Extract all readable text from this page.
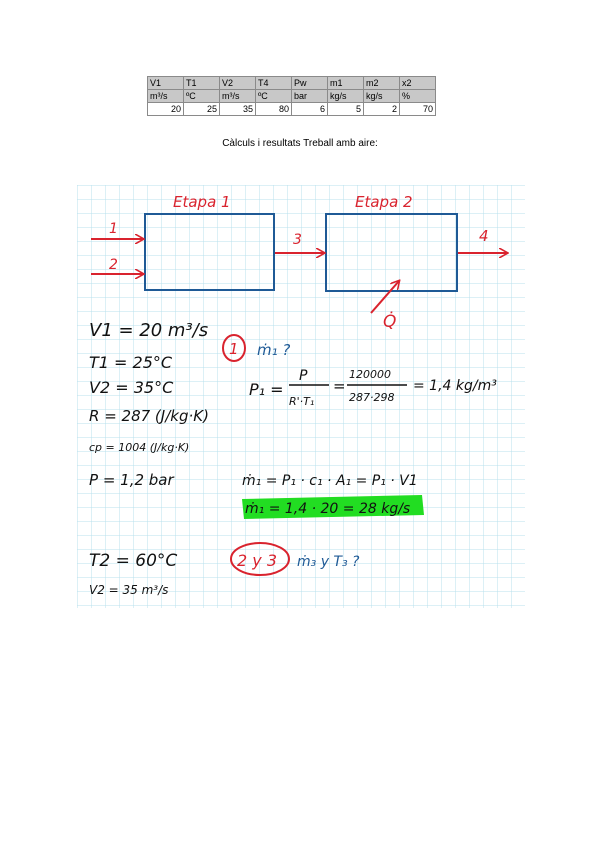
V1	T1	V2	T4	Pw	m1	m2	x2
m³/s	ºC	m³/s	ºC	bar	kg/s	kg/s	%
20	25	35	80	6	5	2	70
Càlculs i resultats Treball amb aire:
Etapa 1	Etapa 2
1
2
3	4
Q̇
V1 = 20 m³/s
T1 = 25°C
V2 = 35°C
R = 287 (J/kg·K)
cp = 1004 (J/kg·K)
P = 1,2 bar
T2 = 60°C
V2 = 35 m³/s
1 ṁ₁ ?
P₁ =
P
R'·T₁
=
120000
287·298
= 1,4 kg/m³
ṁ₁ = P₁ · c₁ · A₁ = P₁ · V1
ṁ₁ = 1,4 · 20 = 28 kg/s
2 y 3 ṁ₃ y T₃ ?
